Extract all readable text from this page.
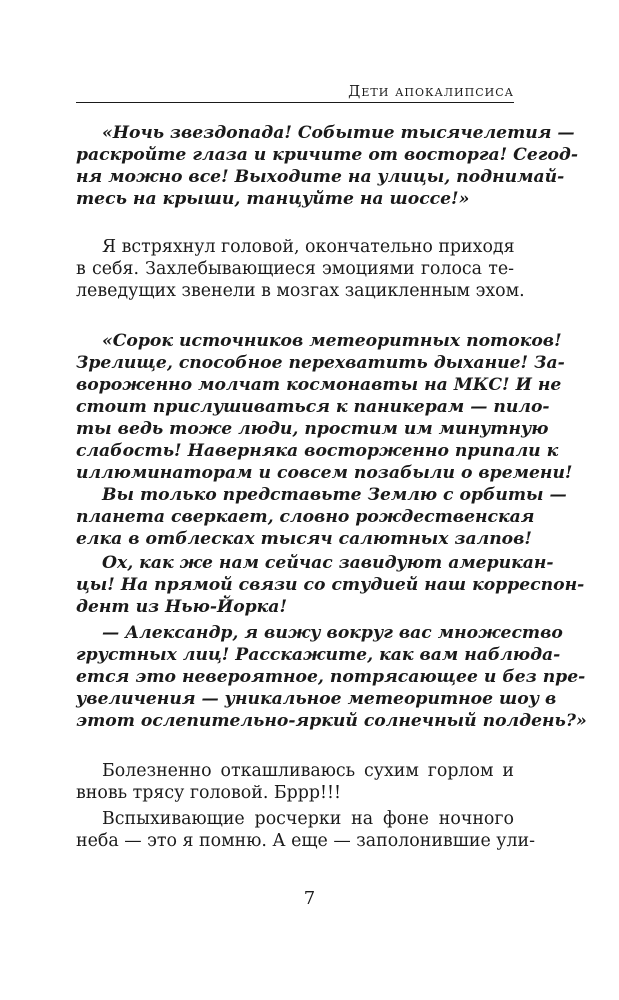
Дети апокалипсиса
«Ночь звездопада! Событие тысячелетия —
раскройте глаза и кричите от восторга! Сегод-
ня можно все! Выходите на улицы, поднимай-
тесь на крыши, танцуйте на шоссе!»
Я встряхнул головой, окончательно приходя
в себя. Захлебывающиеся эмоциями голоса те-
леведущих звенели в мозгах зацикленным эхом.
«Сорок источников метеоритных потоков!
Зрелище, способное перехватить дыхание! За-
вороженно молчат космонавты на МКС! И не
стоит прислушиваться к паникерам — пило-
ты ведь тоже люди, простим им минутную
слабость! Наверняка восторженно припали к
иллюминаторам и совсем позабыли о времени!
Вы только представьте Землю с орбиты —
планета сверкает, словно рождественская
елка в отблесках тысяч салютных залпов!
Ох, как же нам сейчас завидуют американ-
цы! На прямой связи со студией наш корреспон-
дент из Нью-Йорка!
— Александр, я вижу вокруг вас множество
грустных лиц! Расскажите, как вам наблюда-
ется это невероятное, потрясающее и без пре-
увеличения — уникальное метеоритное шоу в
этот ослепительно-яркий солнечный полдень?»
Болезненно откашливаюсь сухим горлом и
вновь трясу головой. Бррр!!!
Вспыхивающие росчерки на фоне ночного
неба — это я помню. А еще — заполонившие ули-
7
